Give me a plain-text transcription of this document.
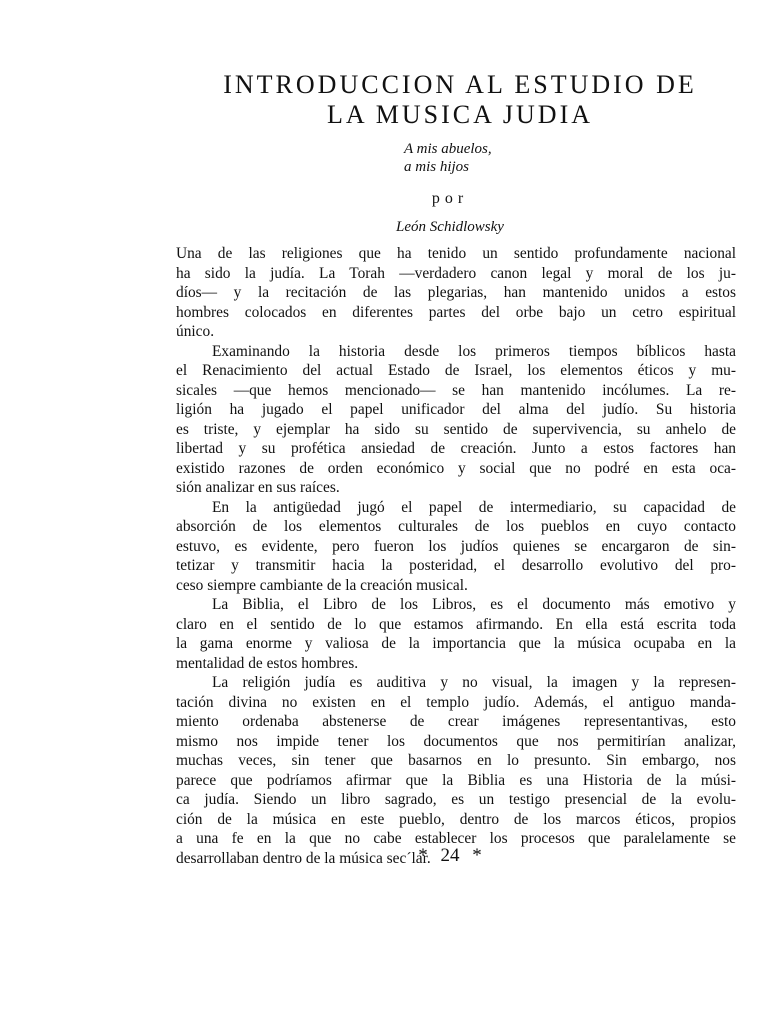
INTRODUCCION AL ESTUDIO DE
LA MUSICA JUDIA
A mis abuelos,
a mis hijos
por
León Schidlowsky
Una de las religiones que ha tenido un sentido profundamente nacional
ha sido la judía. La Torah —verdadero canon legal y moral de los ju-
díos— y la recitación de las plegarias, han mantenido unidos a estos
hombres colocados en diferentes partes del orbe bajo un cetro espiritual
único.
Examinando la historia desde los primeros tiempos bíblicos hasta
el Renacimiento del actual Estado de Israel, los elementos éticos y mu-
sicales —que hemos mencionado— se han mantenido incólumes. La re-
ligión ha jugado el papel unificador del alma del judío. Su historia
es triste, y ejemplar ha sido su sentido de supervivencia, su anhelo de
libertad y su profética ansiedad de creación. Junto a estos factores han
existido razones de orden económico y social que no podré en esta oca-
sión analizar en sus raíces.
En la antigüedad jugó el papel de intermediario, su capacidad de
absorción de los elementos culturales de los pueblos en cuyo contacto
estuvo, es evidente, pero fueron los judíos quienes se encargaron de sin-
tetizar y transmitir hacia la posteridad, el desarrollo evolutivo del pro-
ceso siempre cambiante de la creación musical.
La Biblia, el Libro de los Libros, es el documento más emotivo y
claro en el sentido de lo que estamos afirmando. En ella está escrita toda
la gama enorme y valiosa de la importancia que la música ocupaba en la
mentalidad de estos hombres.
La religión judía es auditiva y no visual, la imagen y la represen-
tación divina no existen en el templo judío. Además, el antiguo manda-
miento ordenaba abstenerse de crear imágenes representantivas, esto
mismo nos impide tener los documentos que nos permitirían analizar,
muchas veces, sin tener que basarnos en lo presunto. Sin embargo, nos
parece que podríamos afirmar que la Biblia es una Historia de la músi-
ca judía. Siendo un libro sagrado, es un testigo presencial de la evolu-
ción de la música en este pueblo, dentro de los marcos éticos, propios
a una fe en la que no cabe establecer los procesos que paralelamente se
desarrollaban dentro de la música sec´lar.
* 24 *
